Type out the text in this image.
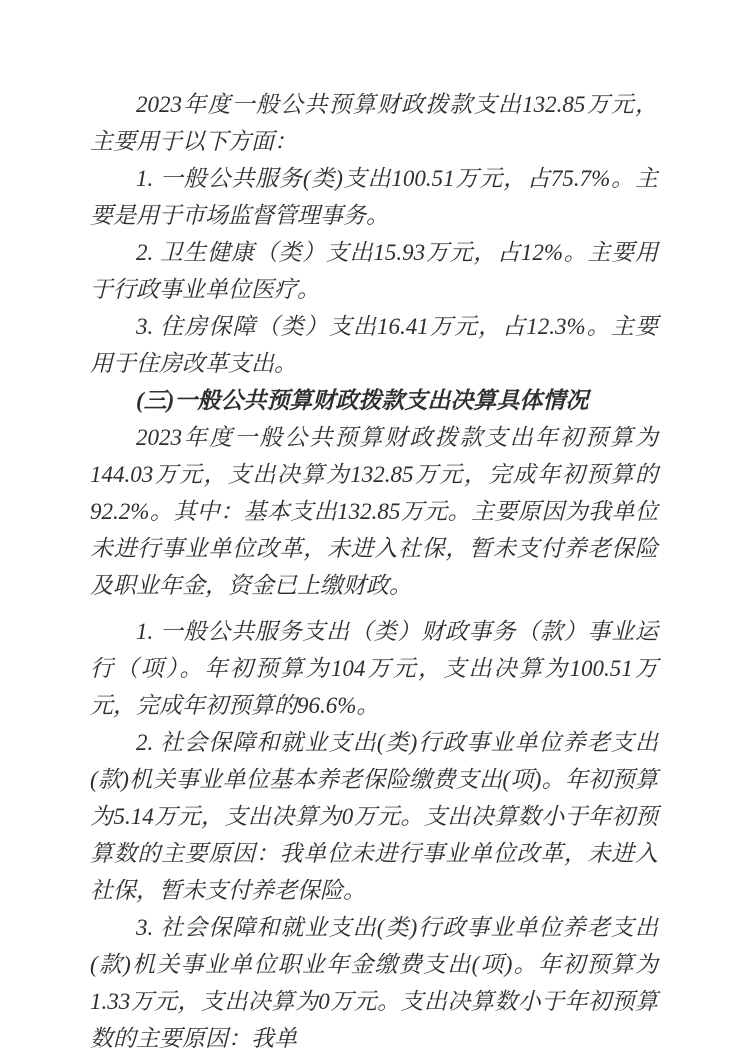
2023年度一般公共预算财政拨款支出132.85万元，主要用于以下方面：

1. 一般公共服务(类)支出100.51万元，占75.7%。主要是用于市场监督管理事务。

2. 卫生健康（类）支出15.93万元，占12%。主要用于行政事业单位医疗。

3. 住房保障（类）支出16.41万元，占12.3%。主要用于住房改革支出。

(三)一般公共预算财政拨款支出决算具体情况

2023年度一般公共预算财政拨款支出年初预算为144.03万元，支出决算为132.85万元，完成年初预算的92.2%。其中：基本支出132.85万元。主要原因为我单位未进行事业单位改革，未进入社保，暂未支付养老保险及职业年金，资金已上缴财政。

1. 一般公共服务支出（类）财政事务（款）事业运行（项）。年初预算为104万元，支出决算为100.51万元，完成年初预算的96.6%。

2. 社会保障和就业支出(类)行政事业单位养老支出(款)机关事业单位基本养老保险缴费支出(项)。年初预算为5.14万元，支出决算为0万元。支出决算数小于年初预算数的主要原因：我单位未进行事业单位改革，未进入社保，暂未支付养老保险。

3. 社会保障和就业支出(类)行政事业单位养老支出(款)机关事业单位职业年金缴费支出(项)。年初预算为1.33万元，支出决算为0万元。支出决算数小于年初预算数的主要原因：我单
